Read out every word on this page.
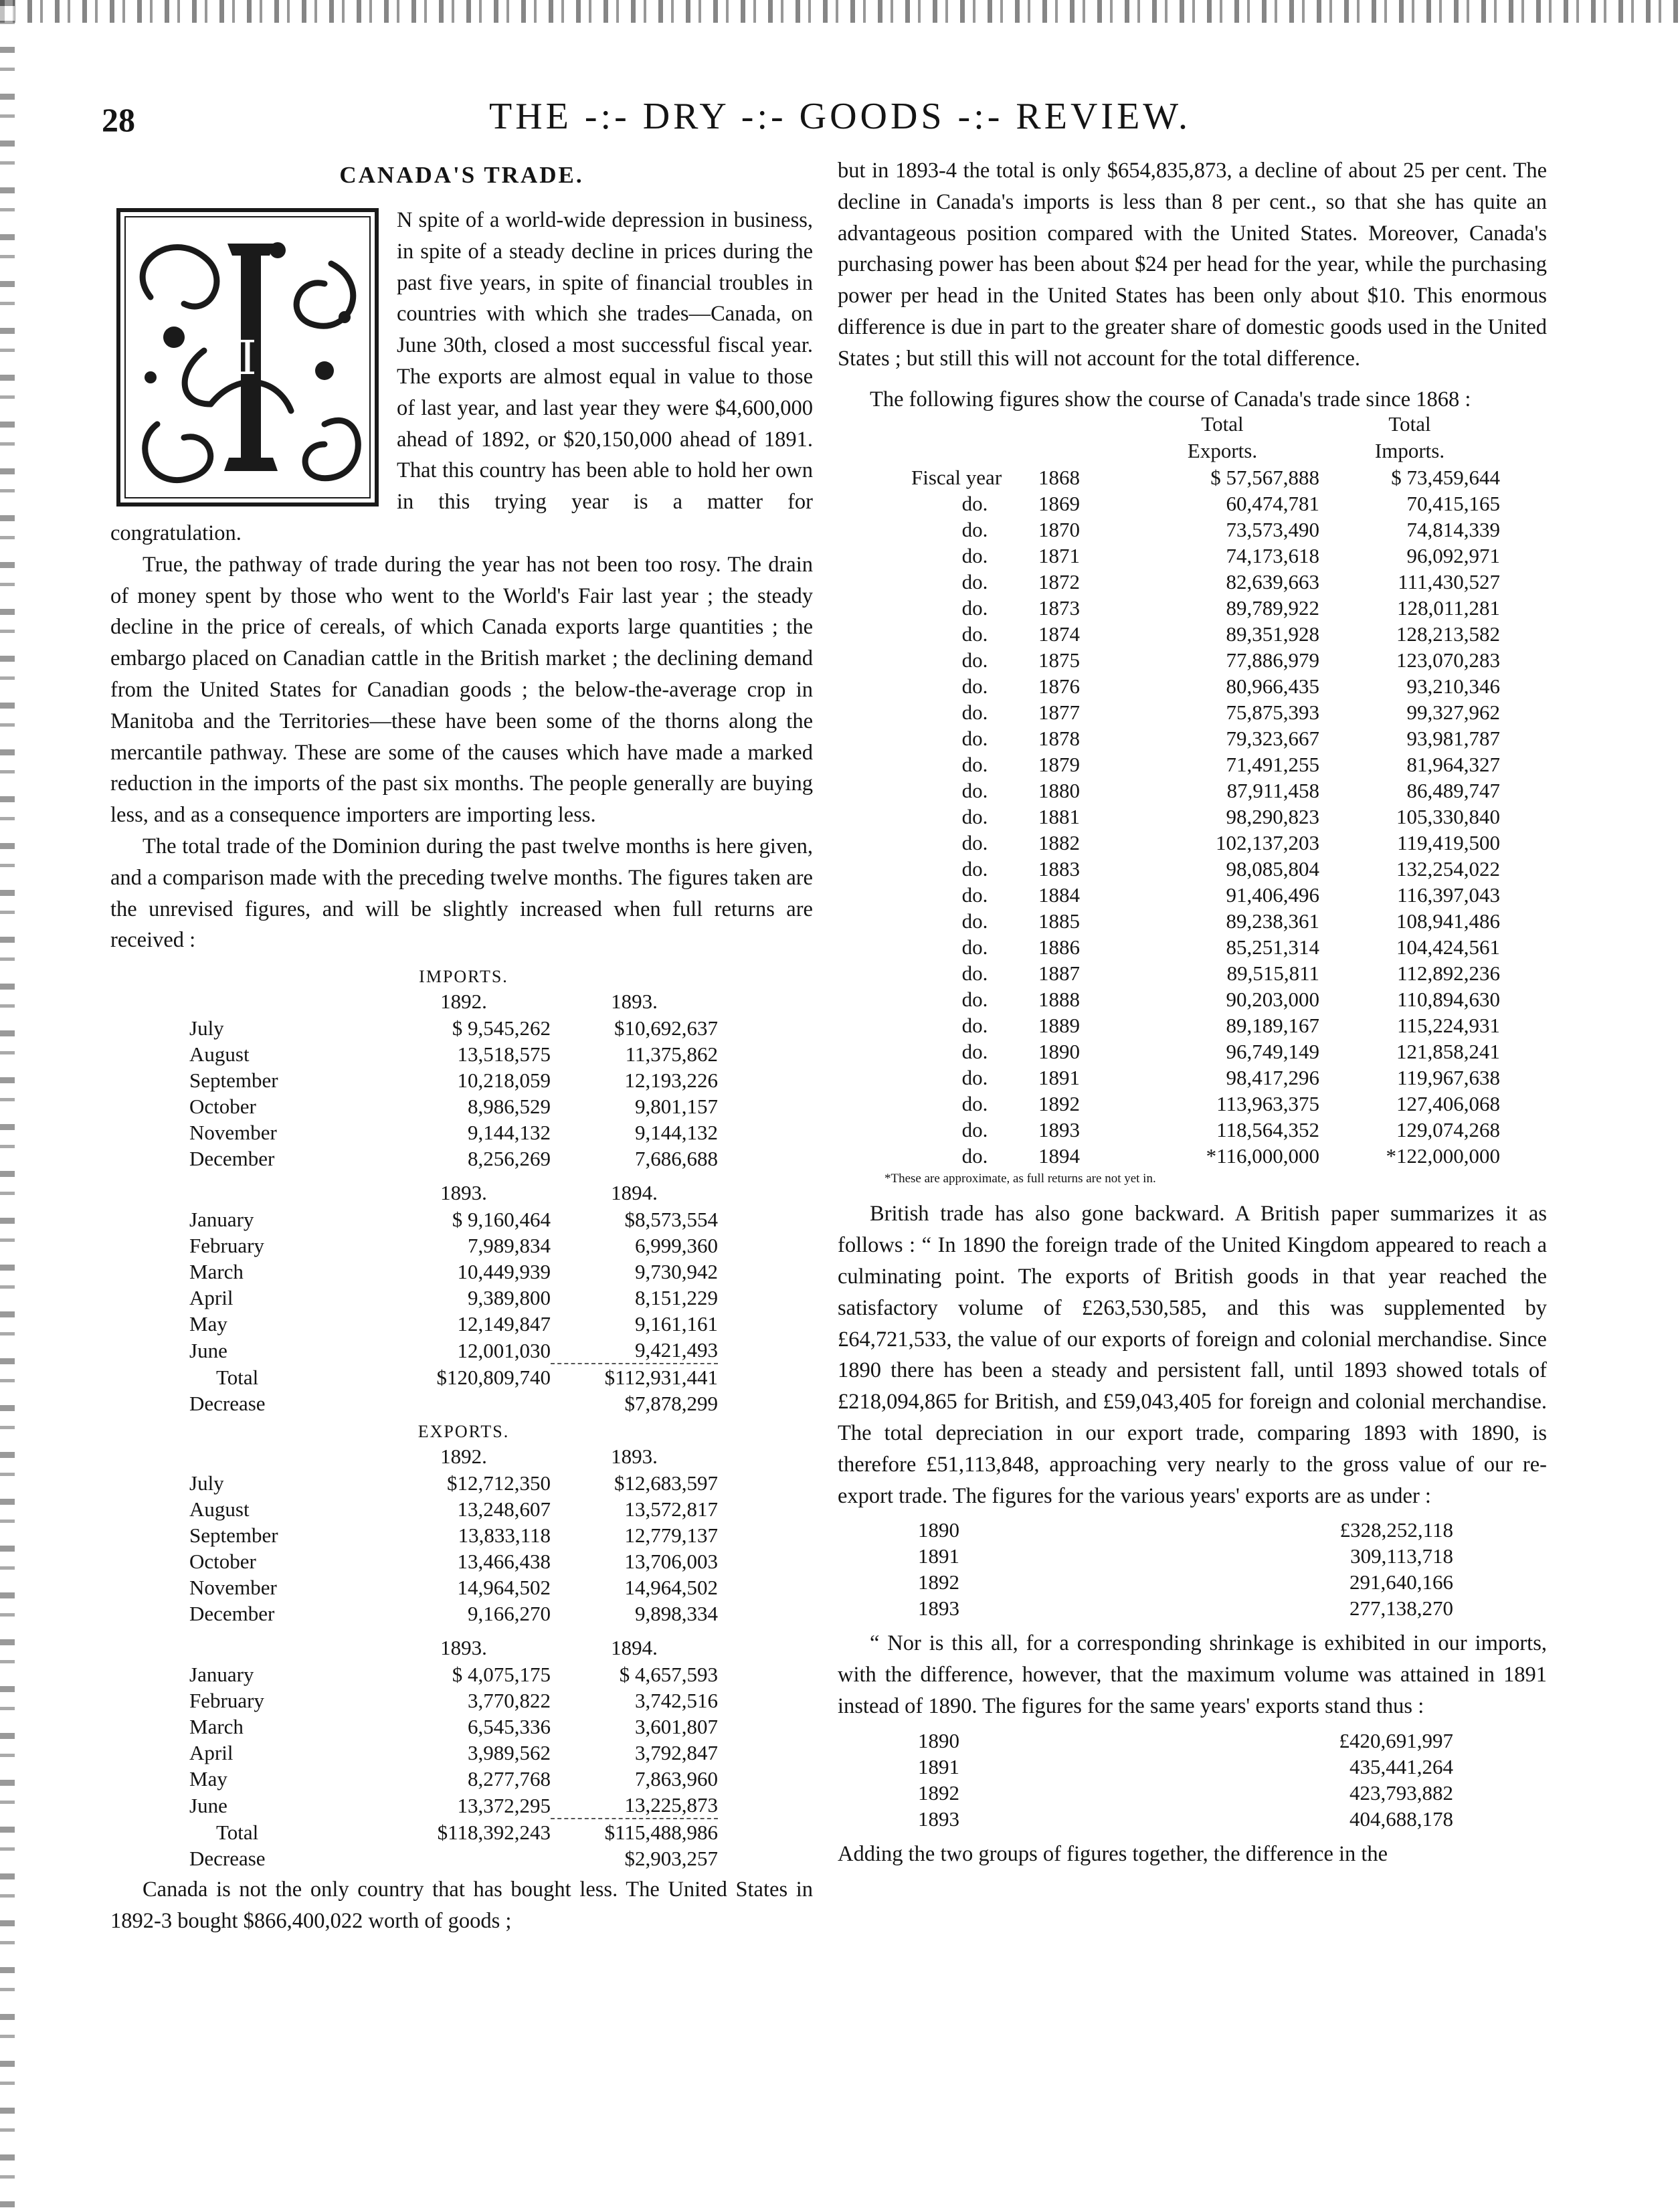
28	THE -:- DRY -:- GOODS -:- REVIEW.
CANADA'S TRADE.
I

N spite of a world-wide depression in business, in spite of a steady decline in prices during the past five years, in spite of financial troubles in countries with which she trades—Canada, on June 30th, closed a most successful fiscal year. The exports are almost equal in value to those of last year, and last year they were $4,600,000 ahead of 1892, or $20,150,000 ahead of 1891. That this country has been able to hold her own in this trying year is a matter for congratulation.

True, the pathway of trade during the year has not been too rosy. The drain of money spent by those who went to the World's Fair last year ; the steady decline in the price of cereals, of which Canada exports large quantities ; the embargo placed on Canadian cattle in the British market ; the declining demand from the United States for Canadian goods ; the below-the-average crop in Manitoba and the Territories—these have been some of the thorns along the mercantile pathway. These are some of the causes which have made a marked reduction in the imports of the past six months. The people generally are buying less, and as a consequence importers are importing less.

The total trade of the Dominion during the past twelve months is here given, and a comparison made with the preceding twelve months. The figures taken are the unrevised figures, and will be slightly increased when full returns are received :

	IMPORTS.	
	1892.	1893.
July	$ 9,545,262	$10,692,637
August	13,518,575	11,375,862
September	10,218,059	12,193,226
October	8,986,529	9,801,157
November	9,144,132	9,144,132
December	8,256,269	7,686,688

	1893.	1894.
January	$ 9,160,464	$8,573,554
February	7,989,834	6,999,360
March	10,449,939	9,730,942
April	9,389,800	8,151,229
May	12,149,847	9,161,161
June	12,001,030	9,421,493

Total	$120,809,740	$112,931,441
Decrease		$7,878,299
	EXPORTS.	
	1892.	1893.
July	$12,712,350	$12,683,597
August	13,248,607	13,572,817
September	13,833,118	12,779,137
October	13,466,438	13,706,003
November	14,964,502	14,964,502
December	9,166,270	9,898,334

	1893.	1894.
January	$ 4,075,175	$ 4,657,593
February	3,770,822	3,742,516
March	6,545,336	3,601,807
April	3,989,562	3,792,847
May	8,277,768	7,863,960
June	13,372,295	13,225,873

Total	$118,392,243	$115,488,986
Decrease		$2,903,257

Canada is not the only country that has bought less. The United States in 1892-3 bought $866,400,022 worth of goods ;

but in 1893-4 the total is only $654,835,873, a decline of about 25 per cent. The decline in Canada's imports is less than 8 per cent., so that she has quite an advantageous position compared with the United States. Moreover, Canada's purchasing power has been about $24 per head for the year, while the purchasing power per head in the United States has been only about $10. This enormous difference is due in part to the greater share of domestic goods used in the United States ; but still this will not account for the total difference.

The following figures show the course of Canada's trade since 1868 :

		Total	Total
		Exports.	Imports.
Fiscal year	1868	$ 57,567,888	$ 73,459,644
do.	1869	60,474,781	70,415,165
do.	1870	73,573,490	74,814,339
do.	1871	74,173,618	96,092,971
do.	1872	82,639,663	111,430,527
do.	1873	89,789,922	128,011,281
do.	1874	89,351,928	128,213,582
do.	1875	77,886,979	123,070,283
do.	1876	80,966,435	93,210,346
do.	1877	75,875,393	99,327,962
do.	1878	79,323,667	93,981,787
do.	1879	71,491,255	81,964,327
do.	1880	87,911,458	86,489,747
do.	1881	98,290,823	105,330,840
do.	1882	102,137,203	119,419,500
do.	1883	98,085,804	132,254,022
do.	1884	91,406,496	116,397,043
do.	1885	89,238,361	108,941,486
do.	1886	85,251,314	104,424,561
do.	1887	89,515,811	112,892,236
do.	1888	90,203,000	110,894,630
do.	1889	89,189,167	115,224,931
do.	1890	96,749,149	121,858,241
do.	1891	98,417,296	119,967,638
do.	1892	113,963,375	127,406,068
do.	1893	118,564,352	129,074,268
do.	1894	*116,000,000	*122,000,000
*These are approximate, as full returns are not yet in.

British trade has also gone backward. A British paper summarizes it as follows : “ In 1890 the foreign trade of the United Kingdom appeared to reach a culminating point. The exports of British goods in that year reached the satisfactory volume of £263,530,585, and this was supplemented by £64,721,533, the value of our exports of foreign and colonial merchandise. Since 1890 there has been a steady and persistent fall, until 1893 showed totals of £218,094,865 for British, and £59,043,405 for foreign and colonial merchandise. The total depreciation in our export trade, comparing 1893 with 1890, is therefore £51,113,848, approaching very nearly to the gross value of our re-export trade. The figures for the various years' exports are as under :

1890	£328,252,118
1891	309,113,718
1892	291,640,166
1893	277,138,270

“ Nor is this all, for a corresponding shrinkage is exhibited in our imports, with the difference, however, that the maximum volume was attained in 1891 instead of 1890. The figures for the same years' exports stand thus :

1890	£420,691,997
1891	435,441,264
1892	423,793,882
1893	404,688,178

Adding the two groups of figures together, the difference in the
